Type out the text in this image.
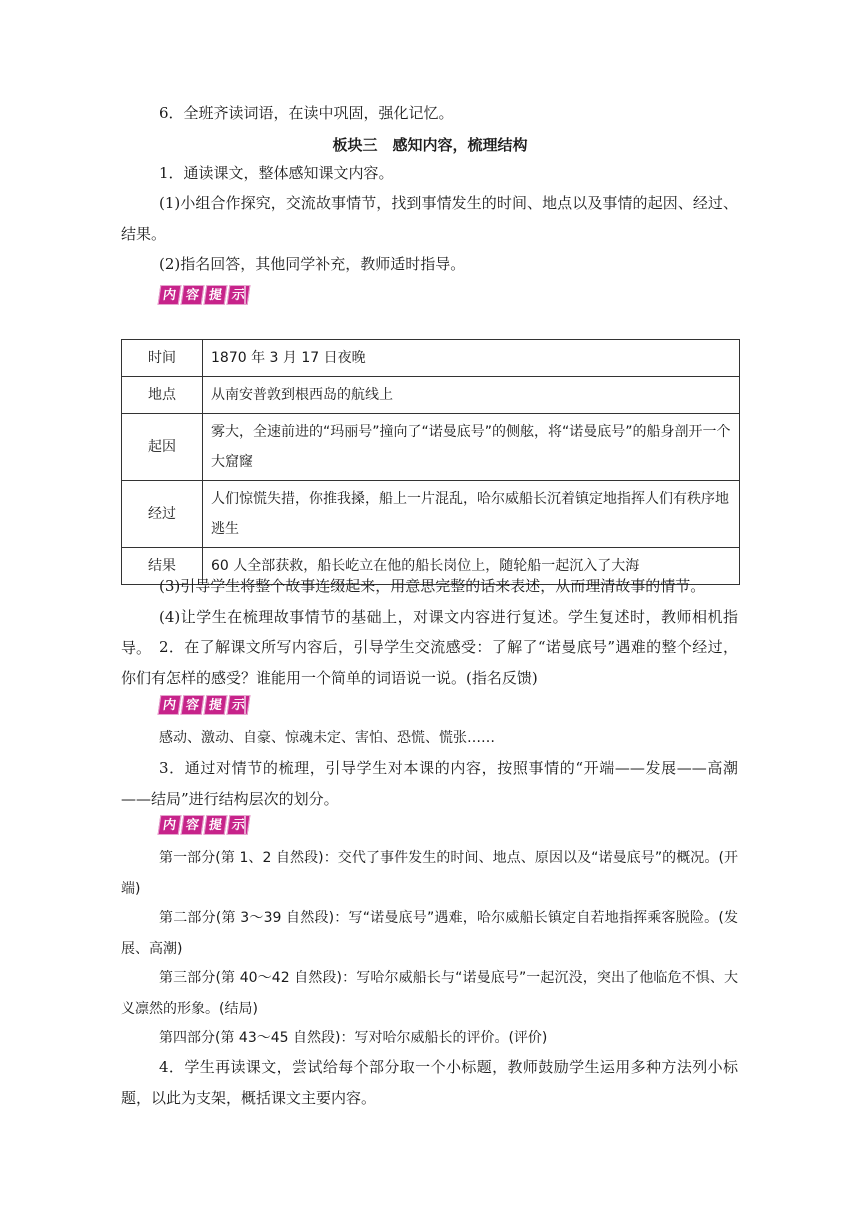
6．全班齐读词语，在读中巩固，强化记忆。

板块三　感知内容，梳理结构

1．通读课文，整体感知课文内容。

(1)小组合作探究，交流故事情节，找到事情发生的时间、地点以及事情的起因、经过、结果。

(2)指名回答，其他同学补充，教师适时指导。

内 容 提 示
时间	1870 年 3 月 17 日夜晚
地点	从南安普敦到根西岛的航线上
起因	雾大，全速前进的“玛丽号”撞向了“诺曼底号”的侧舷，将“诺曼底号”的船身剖开一个大窟窿
经过	人们惊慌失措，你推我搡，船上一片混乱，哈尔威船长沉着镇定地指挥人们有秩序地逃生
结果	60 人全部获救，船长屹立在他的船长岗位上，随轮船一起沉入了大海

(3)引导学生将整个故事连缀起来，用意思完整的话来表述，从而理清故事的情节。

(4)让学生在梳理故事情节的基础上，对课文内容进行复述。学生复述时，教师相机指导。 2．在了解课文所写内容后，引导学生交流感受：了解了“诺曼底号”遇难的整个经过，你们有怎样的感受？谁能用一个简单的词语说一说。(指名反馈)

内 容 提 示

感动、激动、自豪、惊魂未定、害怕、恐慌、慌张……

3．通过对情节的梳理，引导学生对本课的内容，按照事情的“开端——发展——高潮——结局”进行结构层次的划分。

内 容 提 示

第一部分(第 1、2 自然段)：交代了事件发生的时间、地点、原因以及“诺曼底号”的概况。(开端)

第二部分(第 3～39 自然段)：写“诺曼底号”遇难，哈尔威船长镇定自若地指挥乘客脱险。(发展、高潮)

第三部分(第 40～42 自然段)：写哈尔威船长与“诺曼底号”一起沉没，突出了他临危不惧、大义凛然的形象。(结局)

第四部分(第 43～45 自然段)：写对哈尔威船长的评价。(评价)

4．学生再读课文，尝试给每个部分取一个小标题，教师鼓励学生运用多种方法列小标题，以此为支架，概括课文主要内容。
